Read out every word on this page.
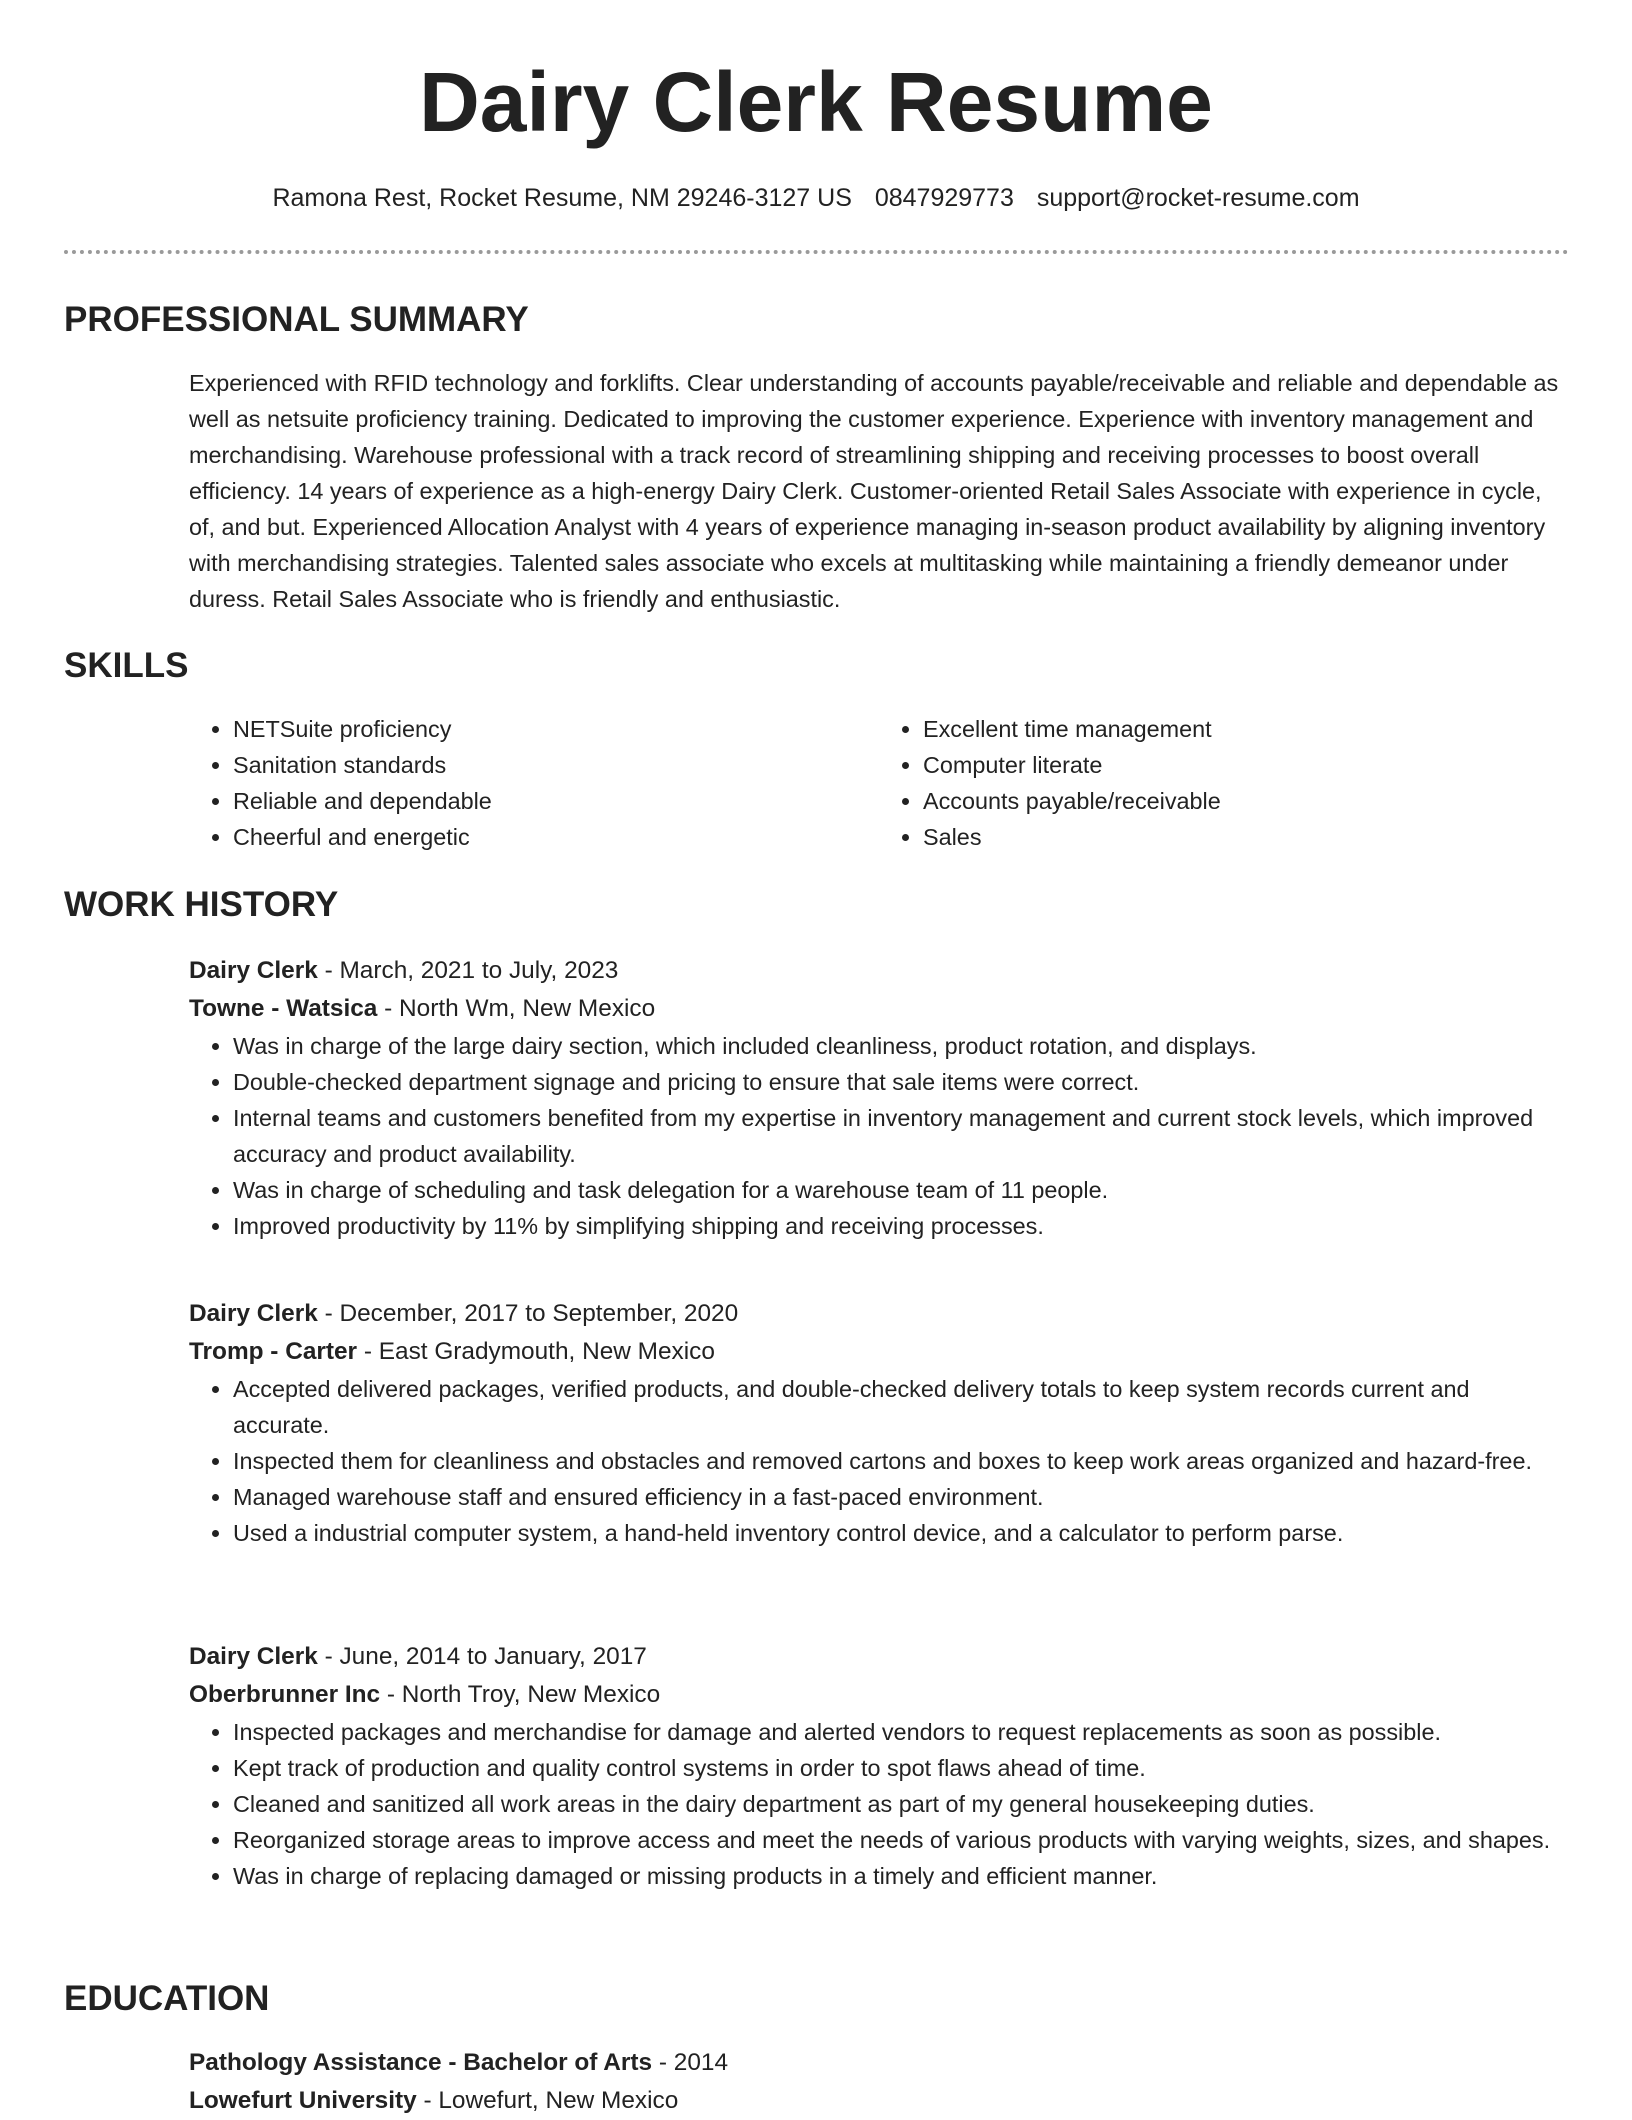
Dairy Clerk Resume
Ramona Rest, Rocket Resume, NM 29246-3127 US 0847929773 support@rocket-resume.com
PROFESSIONAL SUMMARY
Experienced with RFID technology and forklifts. Clear understanding of accounts payable/receivable and reliable and dependable as well as netsuite proficiency training. Dedicated to improving the customer experience. Experience with inventory management and merchandising. Warehouse professional with a track record of streamlining shipping and receiving processes to boost overall efficiency. 14 years of experience as a high-energy Dairy Clerk. Customer-oriented Retail Sales Associate with experience in cycle, of, and but. Experienced Allocation Analyst with 4 years of experience managing in-season product availability by aligning inventory with merchandising strategies. Talented sales associate who excels at multitasking while maintaining a friendly demeanor under duress. Retail Sales Associate who is friendly and enthusiastic.
SKILLS
• NETSuite proficiency
• Sanitation standards
• Reliable and dependable
• Cheerful and energetic
• Excellent time management
• Computer literate
• Accounts payable/receivable
• Sales
WORK HISTORY
Dairy Clerk - March, 2021 to July, 2023
Towne - Watsica - North Wm, New Mexico
• Was in charge of the large dairy section, which included cleanliness, product rotation, and displays.
• Double-checked department signage and pricing to ensure that sale items were correct.
• Internal teams and customers benefited from my expertise in inventory management and current stock levels, which improved accuracy and product availability.
• Was in charge of scheduling and task delegation for a warehouse team of 11 people.
• Improved productivity by 11% by simplifying shipping and receiving processes.
Dairy Clerk - December, 2017 to September, 2020
Tromp - Carter - East Gradymouth, New Mexico
• Accepted delivered packages, verified products, and double-checked delivery totals to keep system records current and accurate.
• Inspected them for cleanliness and obstacles and removed cartons and boxes to keep work areas organized and hazard-free.
• Managed warehouse staff and ensured efficiency in a fast-paced environment.
• Used a industrial computer system, a hand-held inventory control device, and a calculator to perform parse.
Dairy Clerk - June, 2014 to January, 2017
Oberbrunner Inc - North Troy, New Mexico
• Inspected packages and merchandise for damage and alerted vendors to request replacements as soon as possible.
• Kept track of production and quality control systems in order to spot flaws ahead of time.
• Cleaned and sanitized all work areas in the dairy department as part of my general housekeeping duties.
• Reorganized storage areas to improve access and meet the needs of various products with varying weights, sizes, and shapes.
• Was in charge of replacing damaged or missing products in a timely and efficient manner.
EDUCATION
Pathology Assistance - Bachelor of Arts - 2014
Lowefurt University - Lowefurt, New Mexico
